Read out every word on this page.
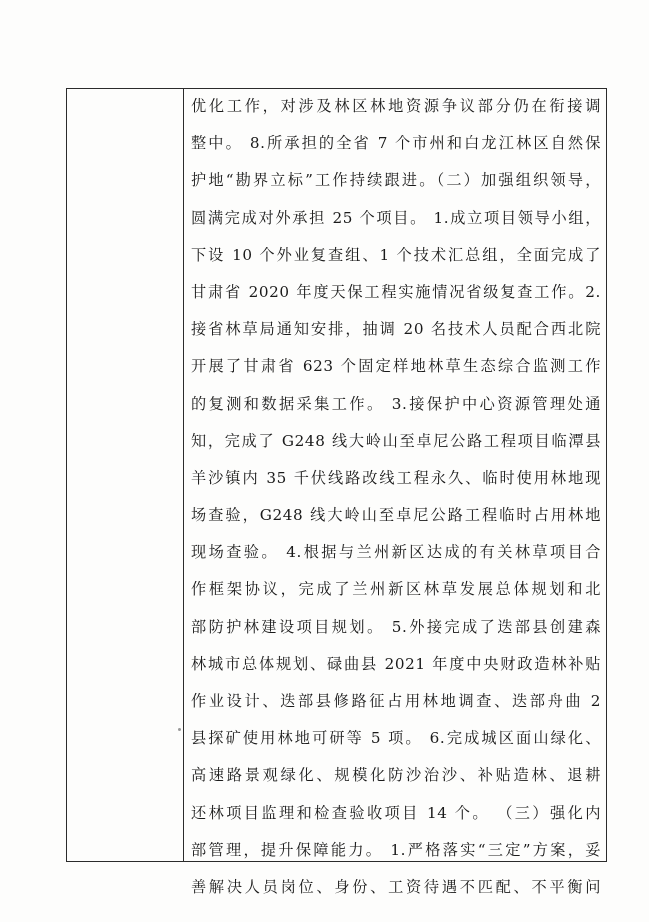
优化工作，对涉及林区林地资源争议部分仍在衔接调
整中。 8.所承担的全省 7 个市州和白龙江林区自然保
护地“勘界立标”工作持续跟进。（二）加强组织领导，
圆满完成对外承担 25 个项目。 1.成立项目领导小组，
下设 10 个外业复查组、1 个技术汇总组，全面完成了
甘肃省 2020 年度天保工程实施情况省级复查工作。2.
接省林草局通知安排，抽调 20 名技术人员配合西北院
开展了甘肃省 623 个固定样地林草生态综合监测工作
的复测和数据采集工作。 3.接保护中心资源管理处通
知，完成了 G248 线大岭山至卓尼公路工程项目临潭县
羊沙镇内 35 千伏线路改线工程永久、临时使用林地现
场查验，G248 线大岭山至卓尼公路工程临时占用林地
现场查验。 4.根据与兰州新区达成的有关林草项目合
作框架协议，完成了兰州新区林草发展总体规划和北
部防护林建设项目规划。 5.外接完成了迭部县创建森
林城市总体规划、碌曲县 2021 年度中央财政造林补贴
作业设计、迭部县修路征占用林地调查、迭部舟曲 2
县探矿使用林地可研等 5 项。 6.完成城区面山绿化、
高速路景观绿化、规模化防沙治沙、补贴造林、退耕
还林项目监理和检查验收项目 14 个。 （三）强化内
部管理，提升保障能力。 1.严格落实“三定”方案，妥
善解决人员岗位、身份、工资待遇不匹配、不平衡问
